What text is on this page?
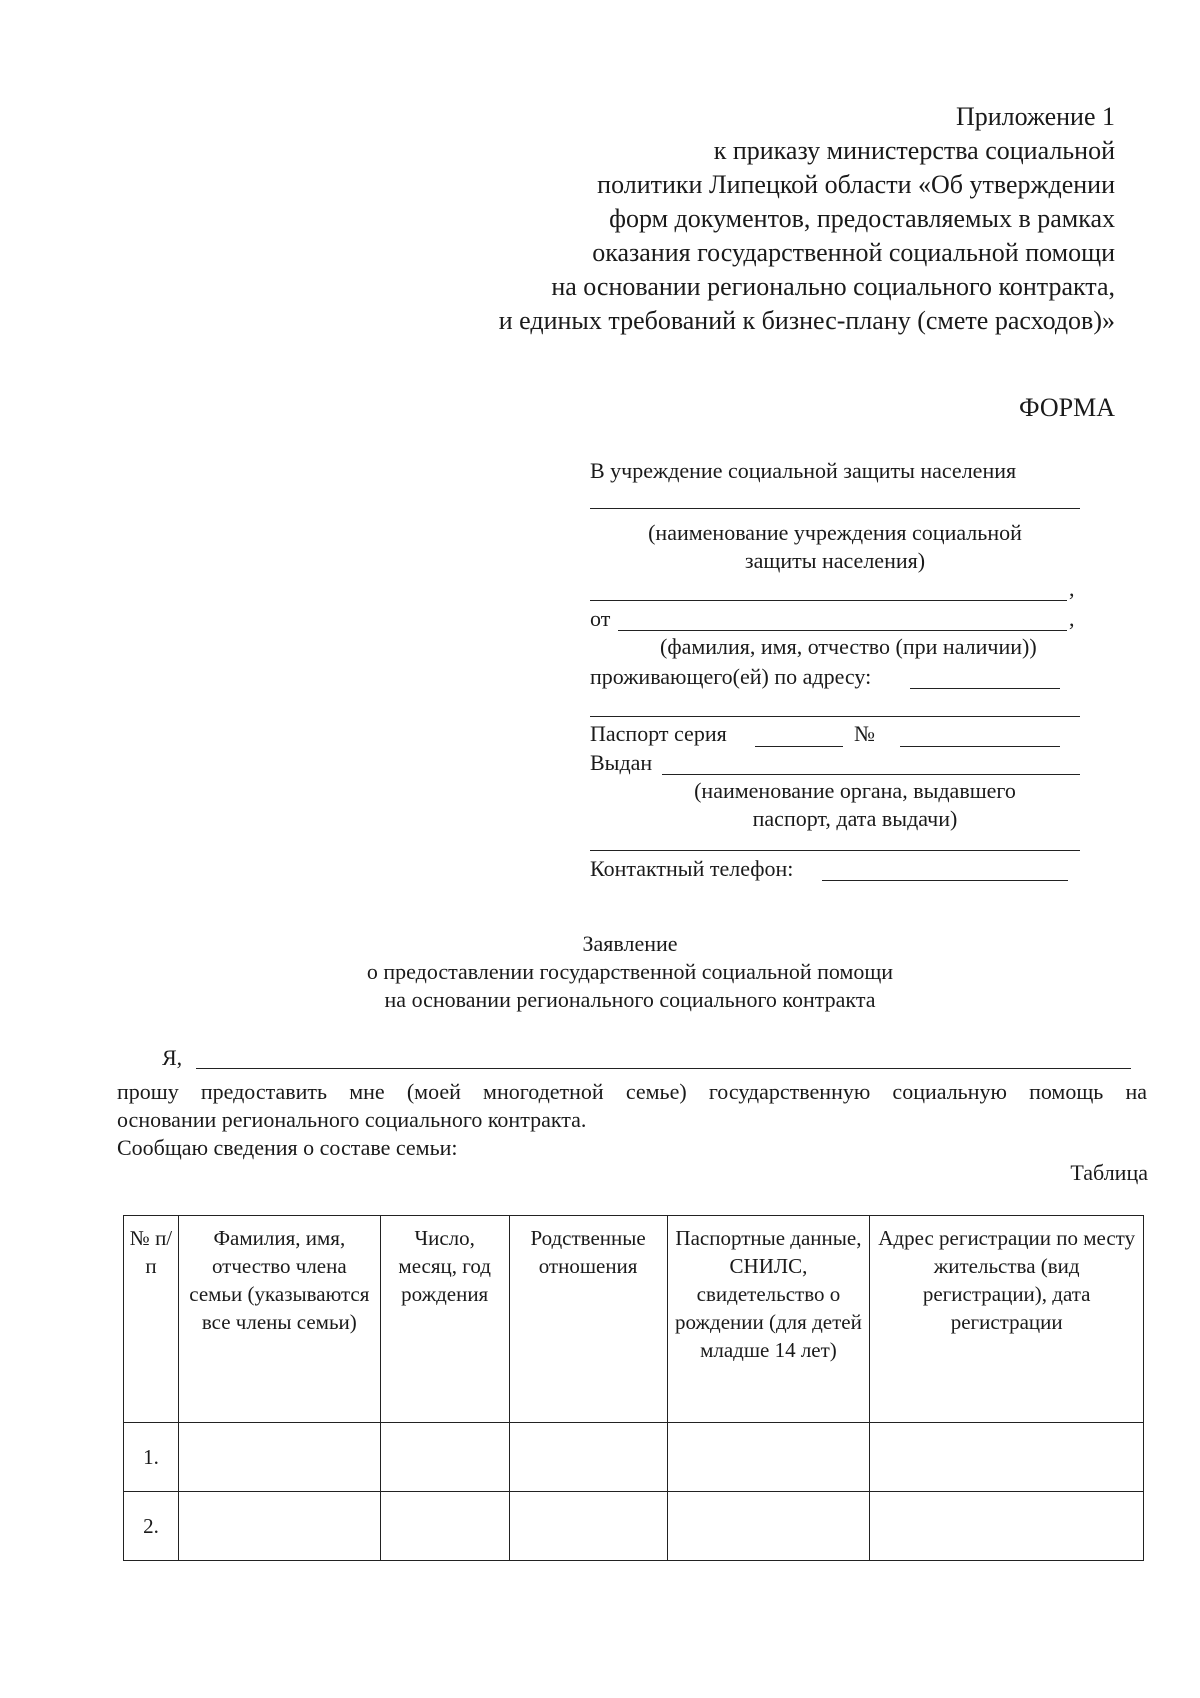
Приложение 1
к приказу министерства социальной
политики Липецкой области «Об утверждении
форм документов, предоставляемых в рамках
оказания государственной социальной помощи
на основании регионально социального контракта,
и единых требований к бизнес-плану (смете расходов)»
ФОРМА
В учреждение социальной защиты населения
(наименование учреждения социальной
защиты населения)
,
от	,
(фамилия, имя, отчество (при наличии))
проживающего(ей) по адресу:
Паспорт серия	№
Выдан
(наименование органа, выдавшего
паспорт, дата выдачи)
Контактный телефон:
Заявление
о предоставлении государственной социальной помощи
на основании регионального социального контракта
Я,
прошу предоставить мне (моей многодетной семье) государственную социальную помощь на
основании регионального социального контракта.
Сообщаю сведения о составе семьи:
Таблица
№ п/п	Фамилия, имя, отчество члена семьи (указываются все члены семьи)	Число, месяц, год рождения	Родственные отношения	Паспортные данные, СНИЛС, свидетельство о рождении (для детей младше 14 лет)	Адрес регистрации по месту жительства (вид регистрации), дата регистрации
1.					
2.					
